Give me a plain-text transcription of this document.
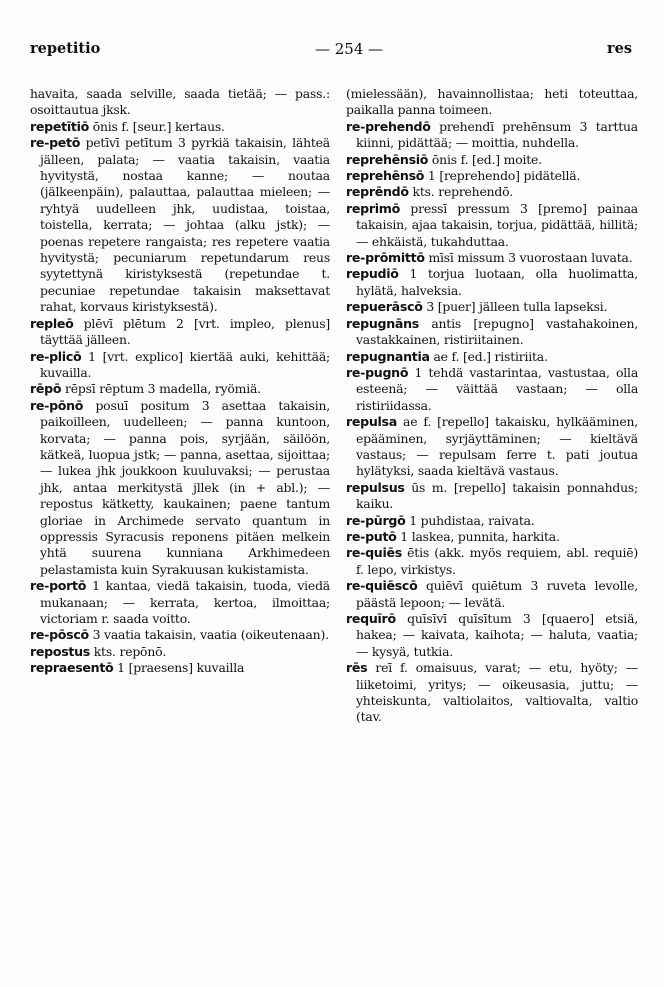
repetitio	— 254 —	res

havaita, saada selville, saada tietää; — pass.: osoittautua jksk.

repetītiō ōnis f. [seur.] kertaus.

re-petō petīvī petītum 3 pyrkiä takaisin, lähteä jälleen, palata; — vaatia takaisin, vaatia hyvitystä, nostaa kanne; — noutaa (jälkeenpäin), palauttaa, palauttaa mieleen; — ryhtyä uudelleen jhk, uudistaa, toistaa, toistella, kerrata; — johtaa (alku jstk); — poenas repetere rangaista; res repetere vaatia hyvitystä; pecuniarum repetundarum reus syytettynä kiristyksestä (repetundae t. pecuniae repetundae takaisin maksettavat rahat, korvaus kiristyksestä).

repleō plēvī plētum 2 [vrt. impleo, plenus] täyttää jälleen.

re-plicō 1 [vrt. explico] kiertää auki, kehittää; kuvailla.

rēpō rēpsī rēptum 3 madella, ryömiä.

re-pōnō posuī positum 3 asettaa takaisin, paikoilleen, uudelleen; — panna kuntoon, korvata; — panna pois, syrjään, säilöön, kätkeä, luopua jstk; — panna, asettaa, sijoittaa; — lukea jhk joukkoon kuuluvaksi; — perustaa jhk, antaa merkitystä jllek (in + abl.); — repostus kätketty, kaukainen; paene tantum gloriae in Archimede servato quantum in oppressis Syracusis reponens pitäen melkein yhtä suurena kunniana Arkhimedeen pelastamista kuin Syrakuusan kukistamista.

re-portō 1 kantaa, viedä takaisin, tuoda, viedä mukanaan; — kerrata, kertoa, ilmoittaa; victoriam r. saada voitto.

re-pōscō 3 vaatia takaisin, vaatia (oikeutenaan).

repostus kts. repōnō.

repraesentō 1 [praesens] kuvailla

(mielessään), havainnollistaa; heti toteuttaa, paikalla panna toimeen.

re-prehendō prehendī prehēnsum 3 tarttua kiinni, pidättää; — moittia, nuhdella.

reprehēnsiō ōnis f. [ed.] moite.

reprehēnsō 1 [reprehendo] pidätellä.

reprēndō kts. reprehendō.

reprimō pressī pressum 3 [premo] painaa takaisin, ajaa takaisin, torjua, pidättää, hillitä; — ehkäistä, tukahduttaa.

re-prōmittō mīsī missum 3 vuorostaan luvata.

repudiō 1 torjua luotaan, olla huolimatta, hylätä, halveksia.

repuerāscō 3 [puer] jälleen tulla lapseksi.

repugnāns antis [repugno] vastahakoinen, vastakkainen, ristiriitainen.

repugnantia ae f. [ed.] ristiriita.

re-pugnō 1 tehdä vastarintaa, vastustaa, olla esteenä; — väittää vastaan; — olla ristiriidassa.

repulsa ae f. [repello] takaisku, hylkääminen, epääminen, syrjäyttäminen; — kieltävä vastaus; — repulsam ferre t. pati joutua hylätyksi, saada kieltävä vastaus.

repulsus ūs m. [repello] takaisin ponnahdus; kaiku.

re-pūrgō 1 puhdistaa, raivata.

re-putō 1 laskea, punnita, harkita.

re-quiēs ētis (akk. myös requiem, abl. requiē) f. lepo, virkistys.

re-quiēscō quiēvī quiētum 3 ruveta levolle, päästä lepoon; — levätä.

requīrō quīsīvī quīsītum 3 [quaero] etsiä, hakea; — kaivata, kaihota; — haluta, vaatia; — kysyä, tutkia.

rēs reī f. omaisuus, varat; — etu, hyöty; — liiketoimi, yritys; — oikeusasia, juttu; — yhteiskunta, valtiolaitos, valtiovalta, valtio (tav.
